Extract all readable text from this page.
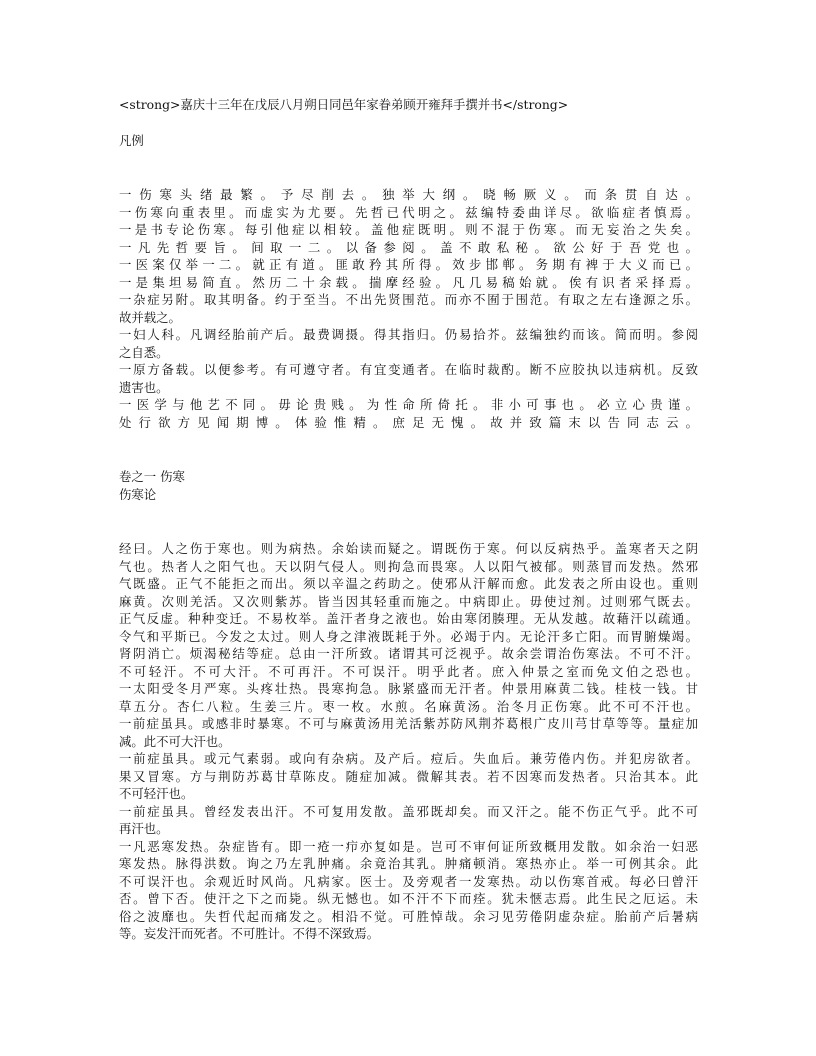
<strong>嘉庆十三年在戊辰八月朔日同邑年家眷弟顾开雍拜手撰并书</strong>
凡例
一伤寒头绪最繁。予尽削去。独举大纲。晓畅厥义。而条贯自达。
一伤寒向重表里。而虚实为尤要。先哲已代明之。兹编特委曲详尽。欲临症者慎焉。
一是书专论伤寒。每引他症以相较。盖他症既明。则不混于伤寒。而无妄治之失矣。
一凡先哲要旨。间取一二。以备参阅。盖不敢私秘。欲公好于吾党也。
一医案仅举一二。就正有道。匪敢矜其所得。效步邯郸。务期有裨于大义而已。
一是集坦易简直。然历二十余载。揣摩经验。凡几易稿始就。俟有识者采择焉。
一杂症另附。取其明备。约于至当。不出先贤围范。而亦不囿于围范。有取之左右逢源之乐。
故并载之。
一妇人科。凡调经胎前产后。最费调摄。得其指归。仍易拾芥。兹编独约而该。简而明。参阅
之自悉。
一原方备载。以便参考。有可遵守者。有宜变通者。在临时裁酌。断不应胶执以违病机。反致
遗害也。
一医学与他艺不同。毋论贵贱。为性命所倚托。非小可事也。必立心贵谨。
处行欲方见闻期博。体验惟精。庶足无愧。故并致篇末以告同志云。
卷之一 伤寒
伤寒论
经曰。人之伤于寒也。则为病热。余始读而疑之。谓既伤于寒。何以反病热乎。盖寒者天之阴
气也。热者人之阳气也。天以阴气侵人。则拘急而畏寒。人以阳气被郁。则蒸冒而发热。然邪
气既盛。正气不能拒之而出。须以辛温之药助之。使邪从汗解而愈。此发表之所由设也。重则
麻黄。次则羌活。又次则紫苏。皆当因其轻重而施之。中病即止。毋使过剂。过则邪气既去。
正气反虚。种种变迁。不易枚举。盖汗者身之液也。始由寒闭腠理。无从发越。故藉汗以疏通。
令气和平斯已。今发之太过。则人身之津液既耗于外。必竭于内。无论汗多亡阳。而胃腑燥竭。
肾阴消亡。烦渴秘结等症。总由一汗所致。诸谓其可泛视乎。故余尝谓治伤寒法。不可不汗。
不可轻汗。不可大汗。不可再汗。不可误汗。明乎此者。庶入仲景之室而免文伯之恐也。
一太阳受冬月严寒。头疼壮热。畏寒拘急。脉紧盛而无汗者。仲景用麻黄二钱。桂枝一钱。甘
草五分。杏仁八粒。生姜三片。枣一枚。水煎。名麻黄汤。治冬月正伤寒。此不可不汗也。
一前症虽具。或感非时暴寒。不可与麻黄汤用羌活紫苏防风荆芥葛根广皮川芎甘草等等。量症加
减。此不可大汗也。
一前症虽具。或元气素弱。或向有杂病。及产后。痘后。失血后。兼劳倦内伤。并犯房欲者。
果又冒寒。方与荆防苏葛甘草陈皮。随症加减。微解其表。若不因寒而发热者。只治其本。此
不可轻汗也。
一前症虽具。曾经发表出汗。不可复用发散。盖邪既却矣。而又汗之。能不伤正气乎。此不可
再汗也。
一凡恶寒发热。杂症皆有。即一疮一疖亦复如是。岂可不审何证所致概用发散。如余治一妇恶
寒发热。脉得洪数。询之乃左乳肿痛。余竟治其乳。肿痛顿消。寒热亦止。举一可例其余。此
不可误汗也。余观近时风尚。凡病家。医士。及旁观者一发寒热。动以伤寒首戒。每必曰曾汗
否。曾下否。使汗之下之而毙。纵无憾也。如不汗不下而痊。犹未惬志焉。此生民之厄运。未
俗之波靡也。失哲代起而痛发之。相沿不觉。可胜悼哉。余习见劳倦阴虚杂症。胎前产后暑病
等。妄发汗而死者。不可胜计。不得不深致焉。
